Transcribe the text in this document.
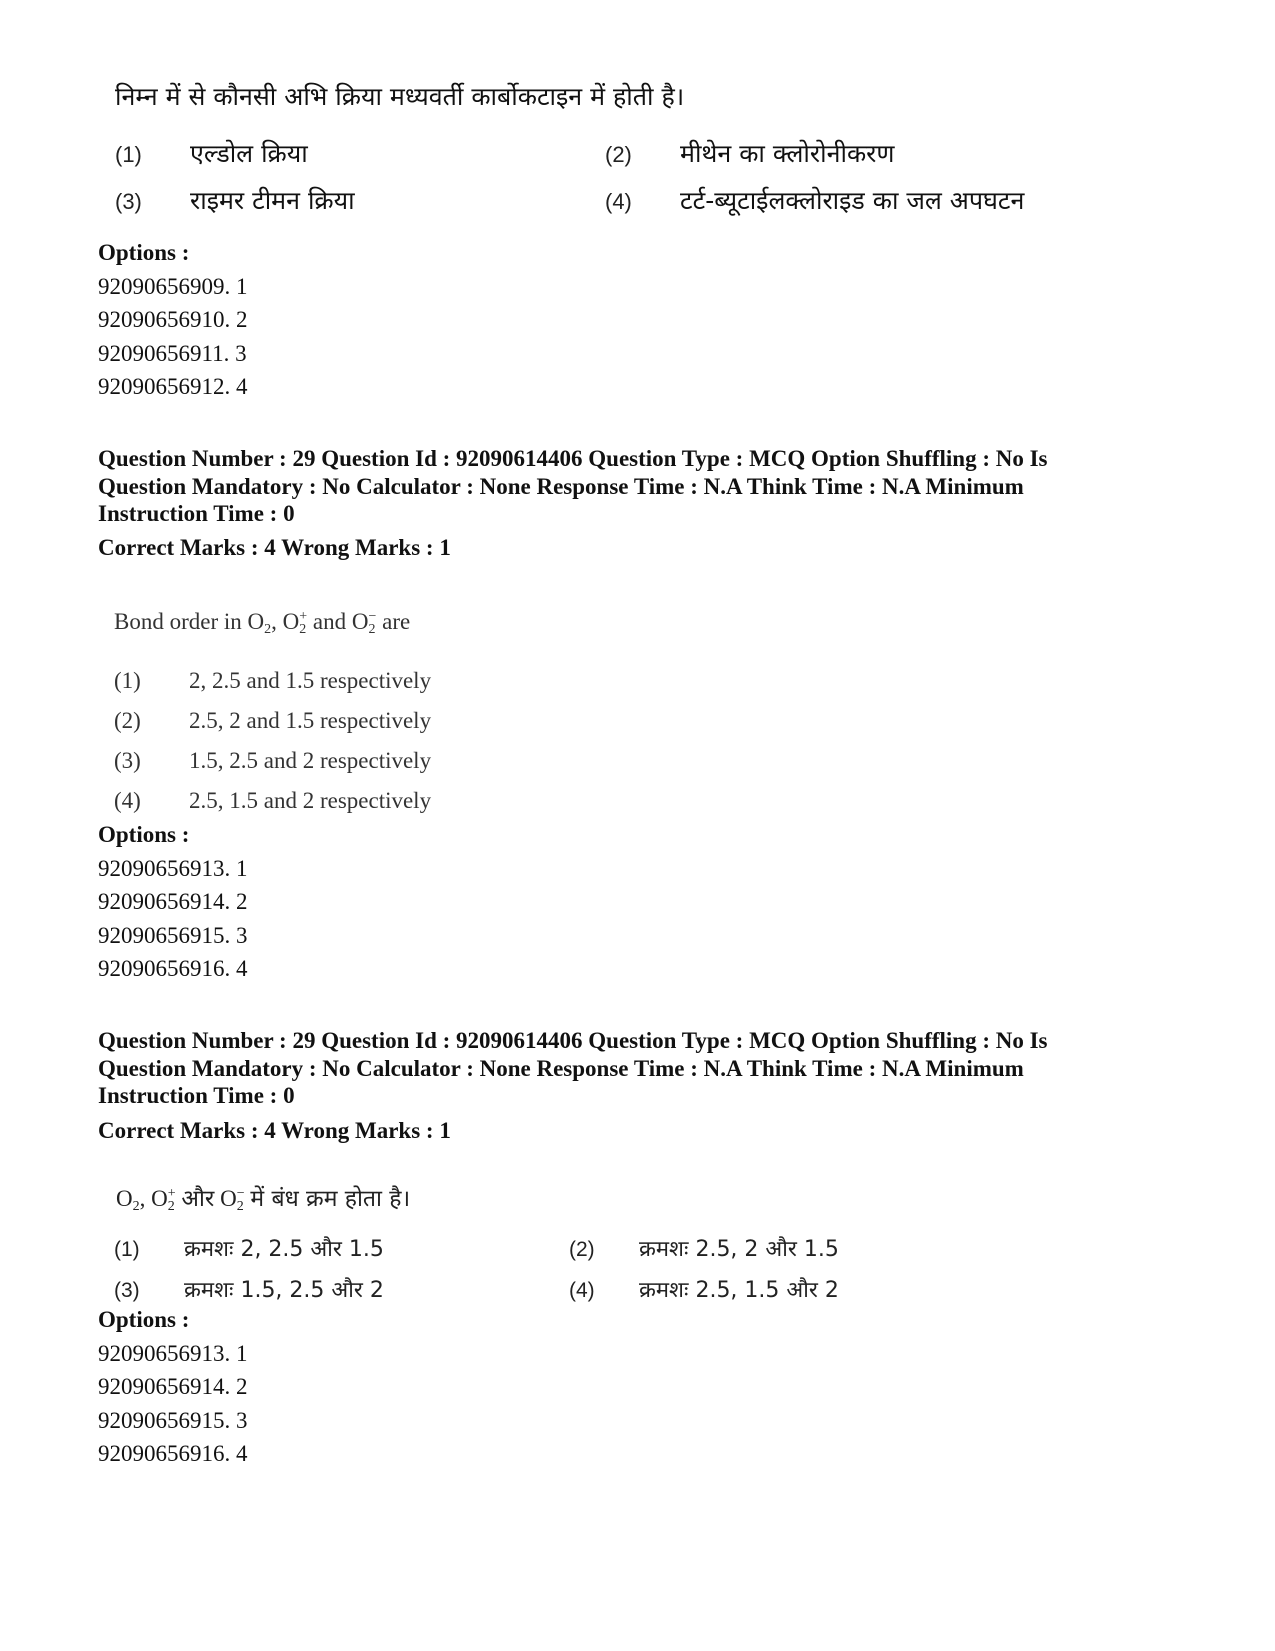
निम्न में से कौनसी अभि क्रिया मध्यवर्ती कार्बोकटाइन में होती है।
(1)	एल्डोल क्रिया	(2)	मीथेन का क्लोरोनीकरण
(3)	राइमर टीमन क्रिया	(4)	टर्ट-ब्यूटाईलक्लोराइड का जल अपघटन
Options :
92090656909. 1
92090656910. 2
92090656911. 3
92090656912. 4
Question Number : 29 Question Id : 92090614406 Question Type : MCQ Option Shuffling : No Is
Question Mandatory : No Calculator : None Response Time : N.A Think Time : N.A Minimum
Instruction Time : 0
Correct Marks : 4 Wrong Marks : 1
Bond order in $O_2$, $O_2^+$ and $O_2^-$ are
(1)	2, 2.5 and 1.5 respectively
(2)	2.5, 2 and 1.5 respectively
(3)	1.5, 2.5 and 2 respectively
(4)	2.5, 1.5 and 2 respectively
Options :
92090656913. 1
92090656914. 2
92090656915. 3
92090656916. 4
Question Number : 29 Question Id : 92090614406 Question Type : MCQ Option Shuffling : No Is
Question Mandatory : No Calculator : None Response Time : N.A Think Time : N.A Minimum
Instruction Time : 0
Correct Marks : 4 Wrong Marks : 1
$O_2$, $O_2^+$ और $O_2^-$ में बंध क्रम होता है।
(1)	क्रमशः 2, 2.5 और 1.5	(2)	क्रमशः 2.5, 2 और 1.5
(3)	क्रमशः 1.5, 2.5 और 2	(4)	क्रमशः 2.5, 1.5 और 2
Options :
92090656913. 1
92090656914. 2
92090656915. 3
92090656916. 4
